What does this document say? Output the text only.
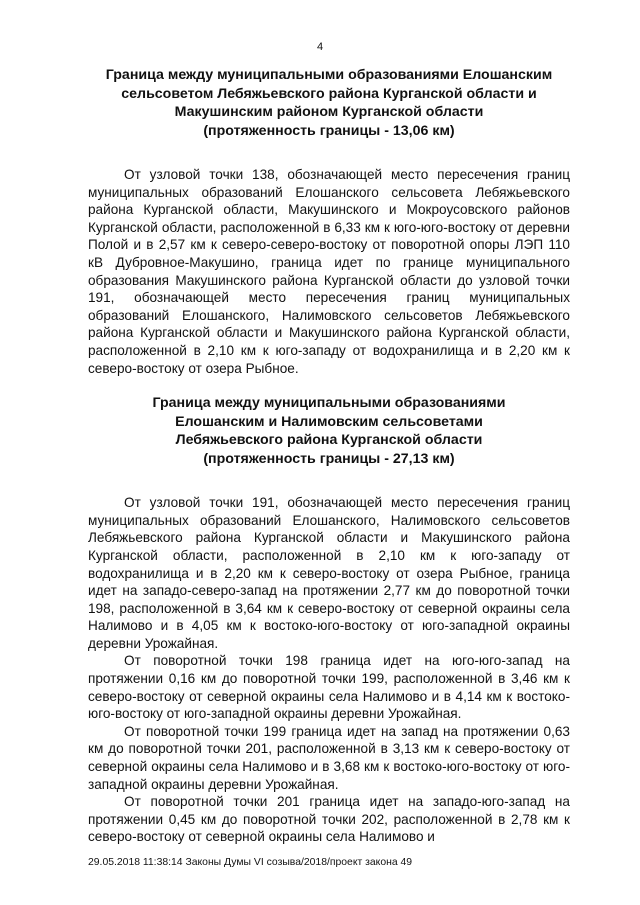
4
Граница между муниципальными образованиями Елошанским
сельсоветом Лебяжьевского района Курганской области и
Макушинским районом Курганской области
(протяженность границы - 13,06 км)

От узловой точки 138, обозначающей место пересечения границ муниципальных образований Елошанского сельсовета Лебяжьевского района Курганской области, Макушинского и Мокроусовского районов Курганской области, расположенной в 6,33 км к юго-юго-востоку от деревни Полой и в 2,57 км к северо-северо-востоку от поворотной опоры ЛЭП 110 кВ Дубровное-Макушино, граница идет по границе муниципального образования Макушинского района Курганской области до узловой точки 191, обозначающей место пересечения границ муниципальных образований Елошанского, Налимовского сельсоветов Лебяжьевского района Курганской области и Макушинского района Курганской области, расположенной в 2,10 км к юго-западу от водохранилища и в 2,20 км к северо-востоку от озера Рыбное.

Граница между муниципальными образованиями
Елошанским и Налимовским сельсоветами
Лебяжьевского района Курганской области
(протяженность границы - 27,13 км)

От узловой точки 191, обозначающей место пересечения границ муниципальных образований Елошанского, Налимовского сельсоветов Лебяжьевского района Курганской области и Макушинского района Курганской области, расположенной в 2,10 км к юго-западу от водохранилища и в 2,20 км к северо-востоку от озера Рыбное, граница идет на западо-северо-запад на протяжении 2,77 км до поворотной точки 198, расположенной в 3,64 км к северо-востоку от северной окраины села Налимово и в 4,05 км к востоко-юго-востоку от юго-западной окраины деревни Урожайная.

От поворотной точки 198 граница идет на юго-юго-запад на протяжении 0,16 км до поворотной точки 199, расположенной в 3,46 км к северо-востоку от северной окраины села Налимово и в 4,14 км к востоко-юго-востоку от юго-западной окраины деревни Урожайная.

От поворотной точки 199 граница идет на запад на протяжении 0,63 км до поворотной точки 201, расположенной в 3,13 км к северо-востоку от северной окраины села Налимово и в 3,68 км к востоко-юго-востоку от юго-западной окраины деревни Урожайная.

От поворотной точки 201 граница идет на западо-юго-запад на протяжении 0,45 км до поворотной точки 202, расположенной в 2,78 км к северо-востоку от северной окраины села Налимово и

29.05.2018 11:38:14 Законы Думы VI созыва/2018/проект закона 49
